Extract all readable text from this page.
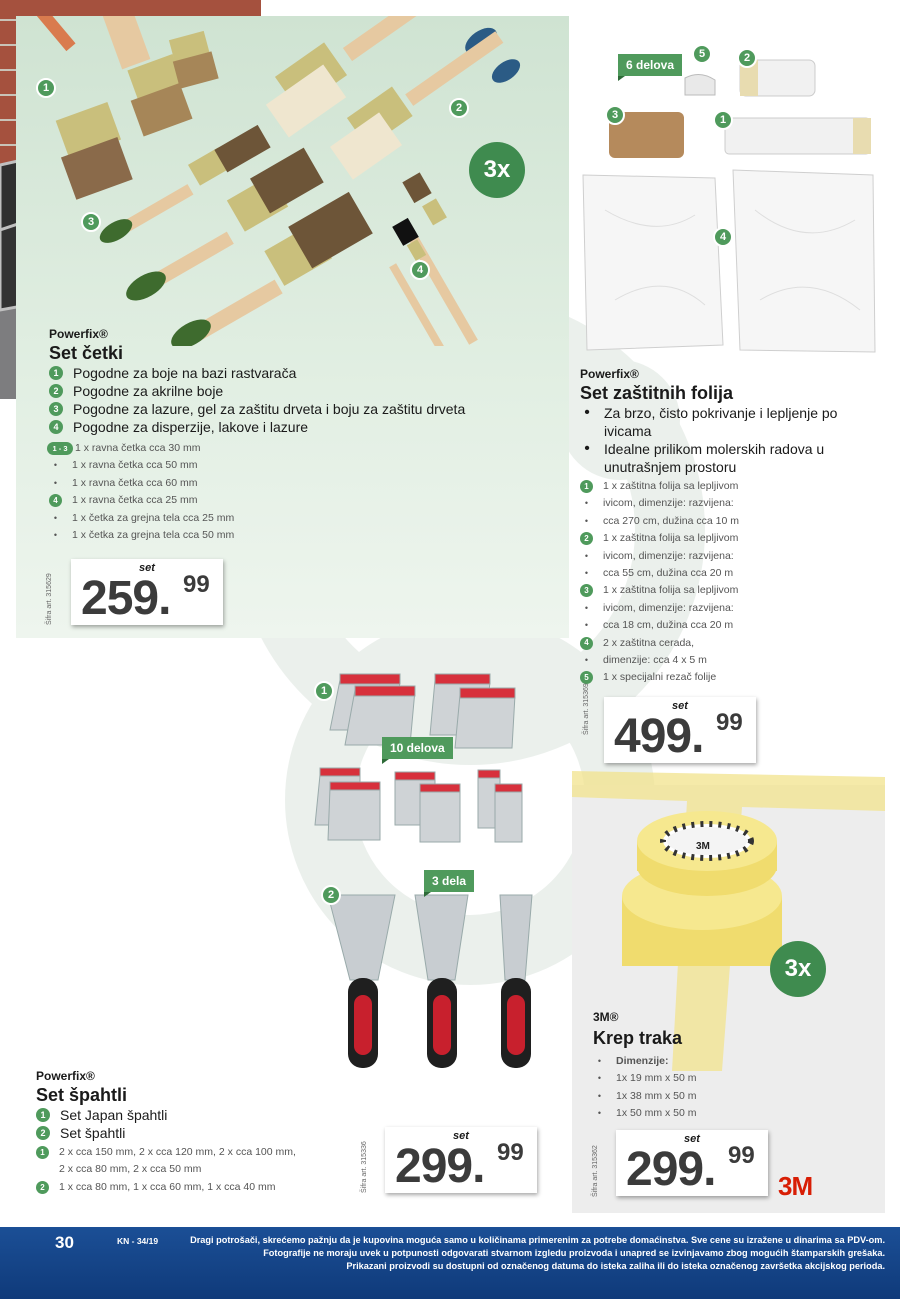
1
2
3
4
3x
Powerfix®
Set četki
1	Pogodne za boje na bazi rastvarača
2	Pogodne za akrilne boje
3	Pogodne za lazure, gel za zaštitu drveta i boju za zaštitu drveta
4	Pogodne za disperzije, lakove i lazure
1 - 3 1 x ravna četka cca 30 mm
•	1 x ravna četka cca 50 mm
•	1 x ravna četka cca 60 mm
4	1 x ravna četka cca 25 mm
•	1 x četka za grejna tela cca 25 mm
•	1 x četka za grejna tela cca 50 mm
Šifra art. 315629
set
259. 99
6 delova
5	2
3	1
4
Powerfix®
Set zaštitnih folija
•	Za brzo, čisto pokrivanje i lepljenje po ivicama
•	Idealne prilikom molerskih radova u unutrašnjem prostoru
1	1 x zaštitna folija sa lepljivom
•	ivicom, dimenzije: razvijena:
•	cca 270 cm, dužina cca 10 m
2	1 x zaštitna folija sa lepljivom
•	ivicom, dimenzije: razvijena:
•	cca 55 cm, dužina cca 20 m
3	1 x zaštitna folija sa lepljivom
•	ivicom, dimenzije: razvijena:
•	cca 18 cm, dužina cca 20 m
4	2 x zaštitna cerada,
•	dimenzije: cca 4 x 5 m
5	1 x specijalni rezač folije
Šifra art. 315369	set
499. 99
1
2
10 delova
3 dela
Powerfix®
Set špahtli
1	Set Japan špahtli
2	Set špahtli
1	2 x cca 150 mm, 2 x cca 120 mm, 2 x cca 100 mm,
2 x cca 80 mm, 2 x cca 50 mm
2	1 x cca 80 mm, 1 x cca 60 mm, 1 x cca 40 mm	Šifra art. 315336
set
299. 99
3M
3x
3M®
Krep traka
•	Dimenzije:
•	1x 19 mm x 50 m
•	1x 38 mm x 50 m
•	1x 50 mm x 50 m
Šifra art. 315362
set
299. 99
3M
30	KN - 34/19	Dragi potrošači, skrećemo pažnju da je kupovina moguća samo u količinama primerenim za potrebe domaćinstva. Sve cene su izražene u dinarima sa PDV-om.
Fotografije ne moraju uvek u potpunosti odgovarati stvarnom izgledu proizvoda i unapred se izvinjavamo zbog mogućih štamparskih grešaka.
Prikazani proizvodi su dostupni od označenog datuma do isteka zaliha ili do isteka označenog završetka akcijskog perioda.
